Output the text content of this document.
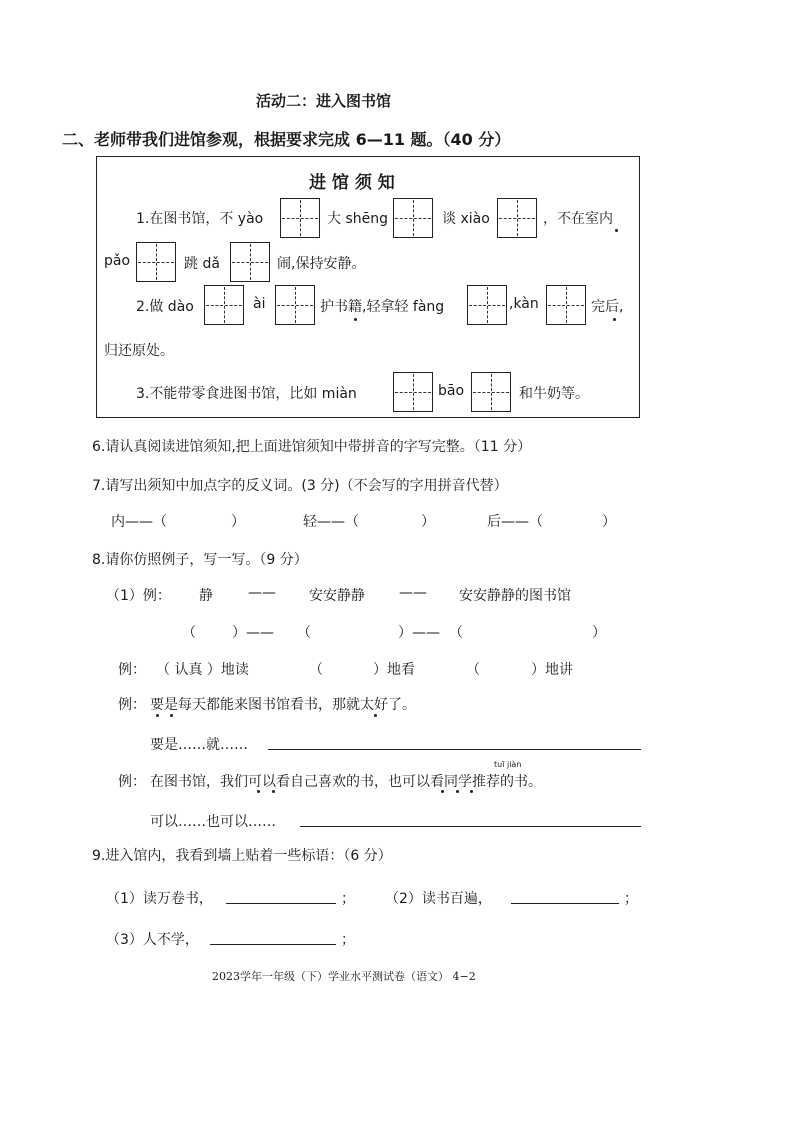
活动二：进入图书馆
二、老师带我们进馆参观，根据要求完成 6—11 题。（40 分）
进 馆 须 知
1.在图书馆，不 yào	大 shēng	谈 xiào	，不在室内
pǎo	跳 dǎ	闹,保持安静。
2.做 dào	ài	护书籍,轻拿轻 fàng	,kàn	完后,
归还原处。
3.不能带零食进图书馆，比如 miàn	bāo	和牛奶等。
6.请认真阅读进馆须知,把上面进馆须知中带拼音的字写完整。（11 分）
7.请写出须知中加点字的反义词。(3 分)（不会写的字用拼音代替）
内——（	）	轻——（	）	后——（	）
8.请你仿照例子，写一写。（9 分）
（1）例： 静	—— 安安静静 —— 安安静静的图书馆
（	）—— （	）—— （	）
例： （ 认真 ）地读	（	）地看	（	）地讲
例： 要是每天都能来图书馆看书，那就太好了。
要是……就……
tuī jiàn
例： 在图书馆，我们可以看自己喜欢的书，也可以看同学推荐的书。
可以……也可以……
9.进入馆内，我看到墙上贴着一些标语：（6 分）
（1）读万卷书，	； （2）读书百遍，	；
（3）人不学，	；
2023学年一年级（下）学业水平测试卷（语文） 4−2
